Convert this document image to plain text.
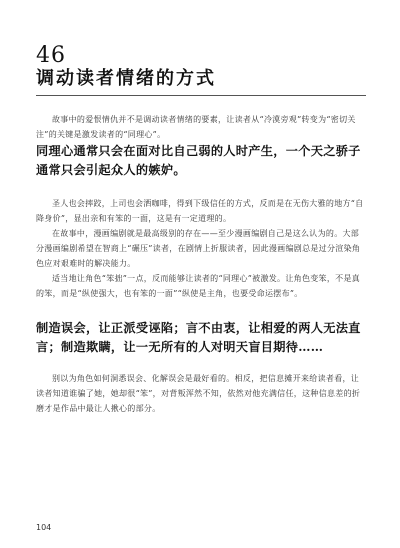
46
调动读者情绪的方式

故事中的爱恨情仇并不是调动读者情绪的要素，让读者从“冷漠旁观”转变为“密切关注”的关键是激发读者的“同理心”。

同理心通常只会在面对比自己弱的人时产生，一个天之骄子通常只会引起众人的嫉妒。

圣人也会摔跤，上司也会洒咖啡，得到下级信任的方式，反而是在无伤大雅的地方“自降身价”，显出亲和有笨的一面，这是有一定道理的。

在故事中，漫画编剧就是最高级别的存在——至少漫画编剧自己是这么认为的。大部分漫画编剧希望在智商上“碾压”读者，在剧情上折服读者，因此漫画编剧总是过分渲染角色应对艰难时的解决能力。

适当地让角色“笨拙”一点，反而能够让读者的“同理心”被激发。让角色变笨，不是真的笨，而是“纵使强大，也有笨的一面”“纵使是主角，也要受命运摆布”。

制造误会，让正派受诬陷；言不由衷，让相爱的两人无法直言；制造欺瞒，让一无所有的人对明天盲目期待……

别以为角色如何洞悉误会、化解误会是最好看的。相反，把信息摊开来给读者看，让读者知道谁骗了她，她却很“笨”，对背叛浑然不知，依然对他充满信任，这种信息差的折磨才是作品中最让人揪心的部分。

104
